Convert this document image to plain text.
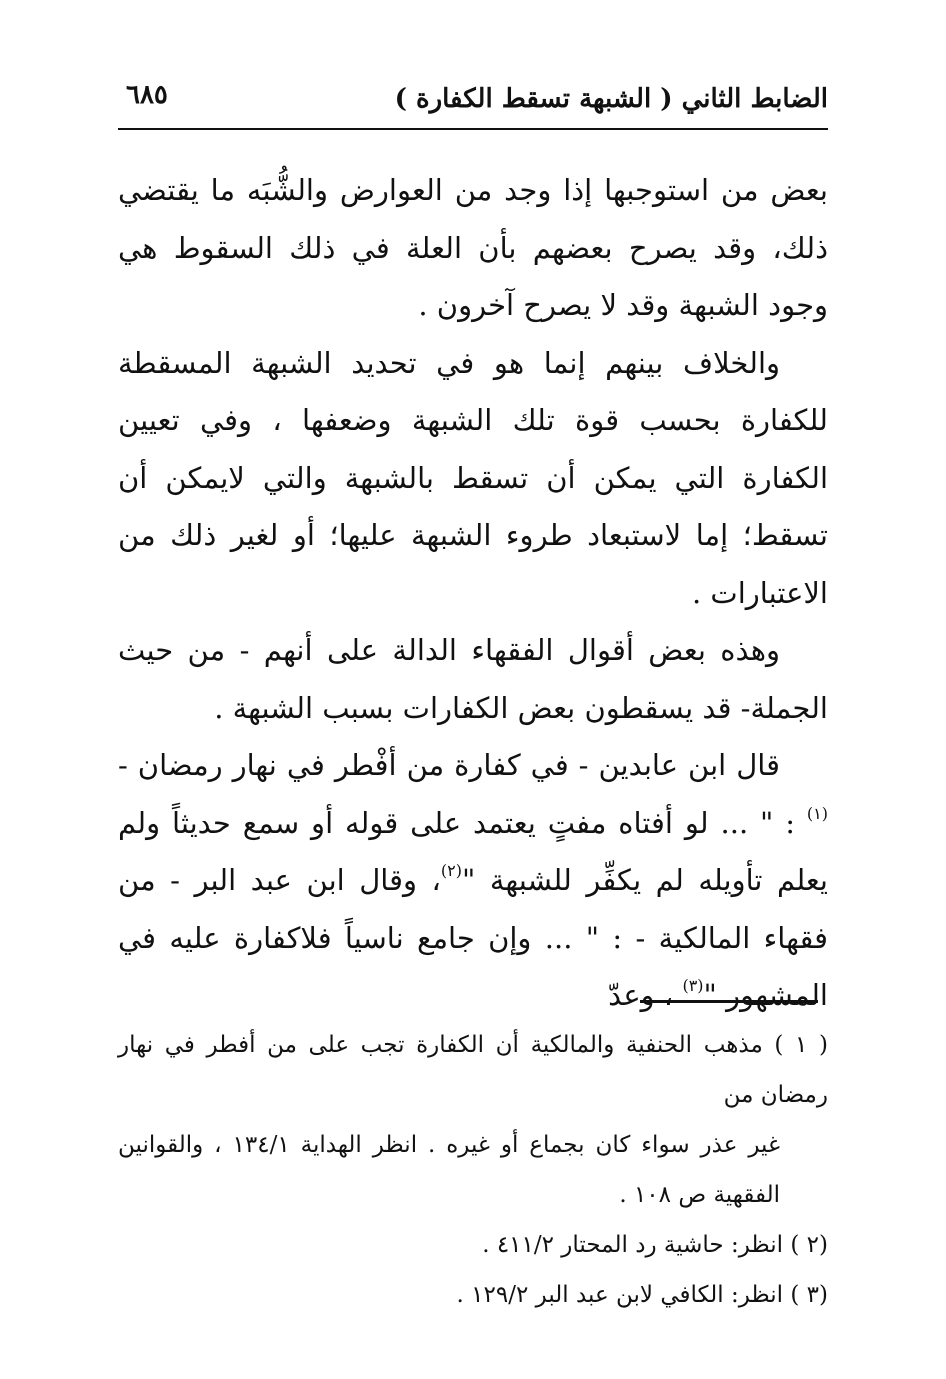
الضابط الثاني ( الشبهة تسقط الكفارة )
٦٨٥

بعض من استوجبها إذا وجد من العوارض والشُّبَه ما يقتضي ذلك، وقد يصرح بعضهم بأن العلة في ذلك السقوط هي وجود الشبهة وقد لا يصرح آخرون .

والخلاف بينهم إنما هو في تحديد الشبهة المسقطة للكفارة بحسب قوة تلك الشبهة وضعفها ، وفي تعيين الكفارة التي يمكن أن تسقط بالشبهة والتي لايمكن أن تسقط؛ إما لاستبعاد طروء الشبهة عليها؛ أو لغير ذلك من الاعتبارات .

وهذه بعض أقوال الفقهاء الدالة على أنهم - من حيث الجملة- قد يسقطون بعض الكفارات بسبب الشبهة .

قال ابن عابدين - في كفارة من أفْطر في نهار رمضان -$^{(١)}$ : " ... لو أفتاه مفتٍ يعتمد على قوله أو سمع حديثاً ولم يعلم تأويله لم يكفِّر للشبهة "$^{(٢)}$، وقال ابن عبد البر - من فقهاء المالكية - : " ... وإن جامع ناسياً فلاكفارة عليه في المشهور "$^{(٣)}$ ، وعدّ

( ١ ) مذهب الحنفية والمالكية أن الكفارة تجب على من أفطر في نهار رمضان من

غير عذر سواء كان بجماع أو غيره . انظر الهداية ١٣٤/١ ، والقوانين الفقهية ص ١٠٨ .

(٢ ) انظر: حاشية رد المحتار ٤١١/٢ .

(٣ ) انظر: الكافي لابن عبد البر ١٢٩/٢ .
